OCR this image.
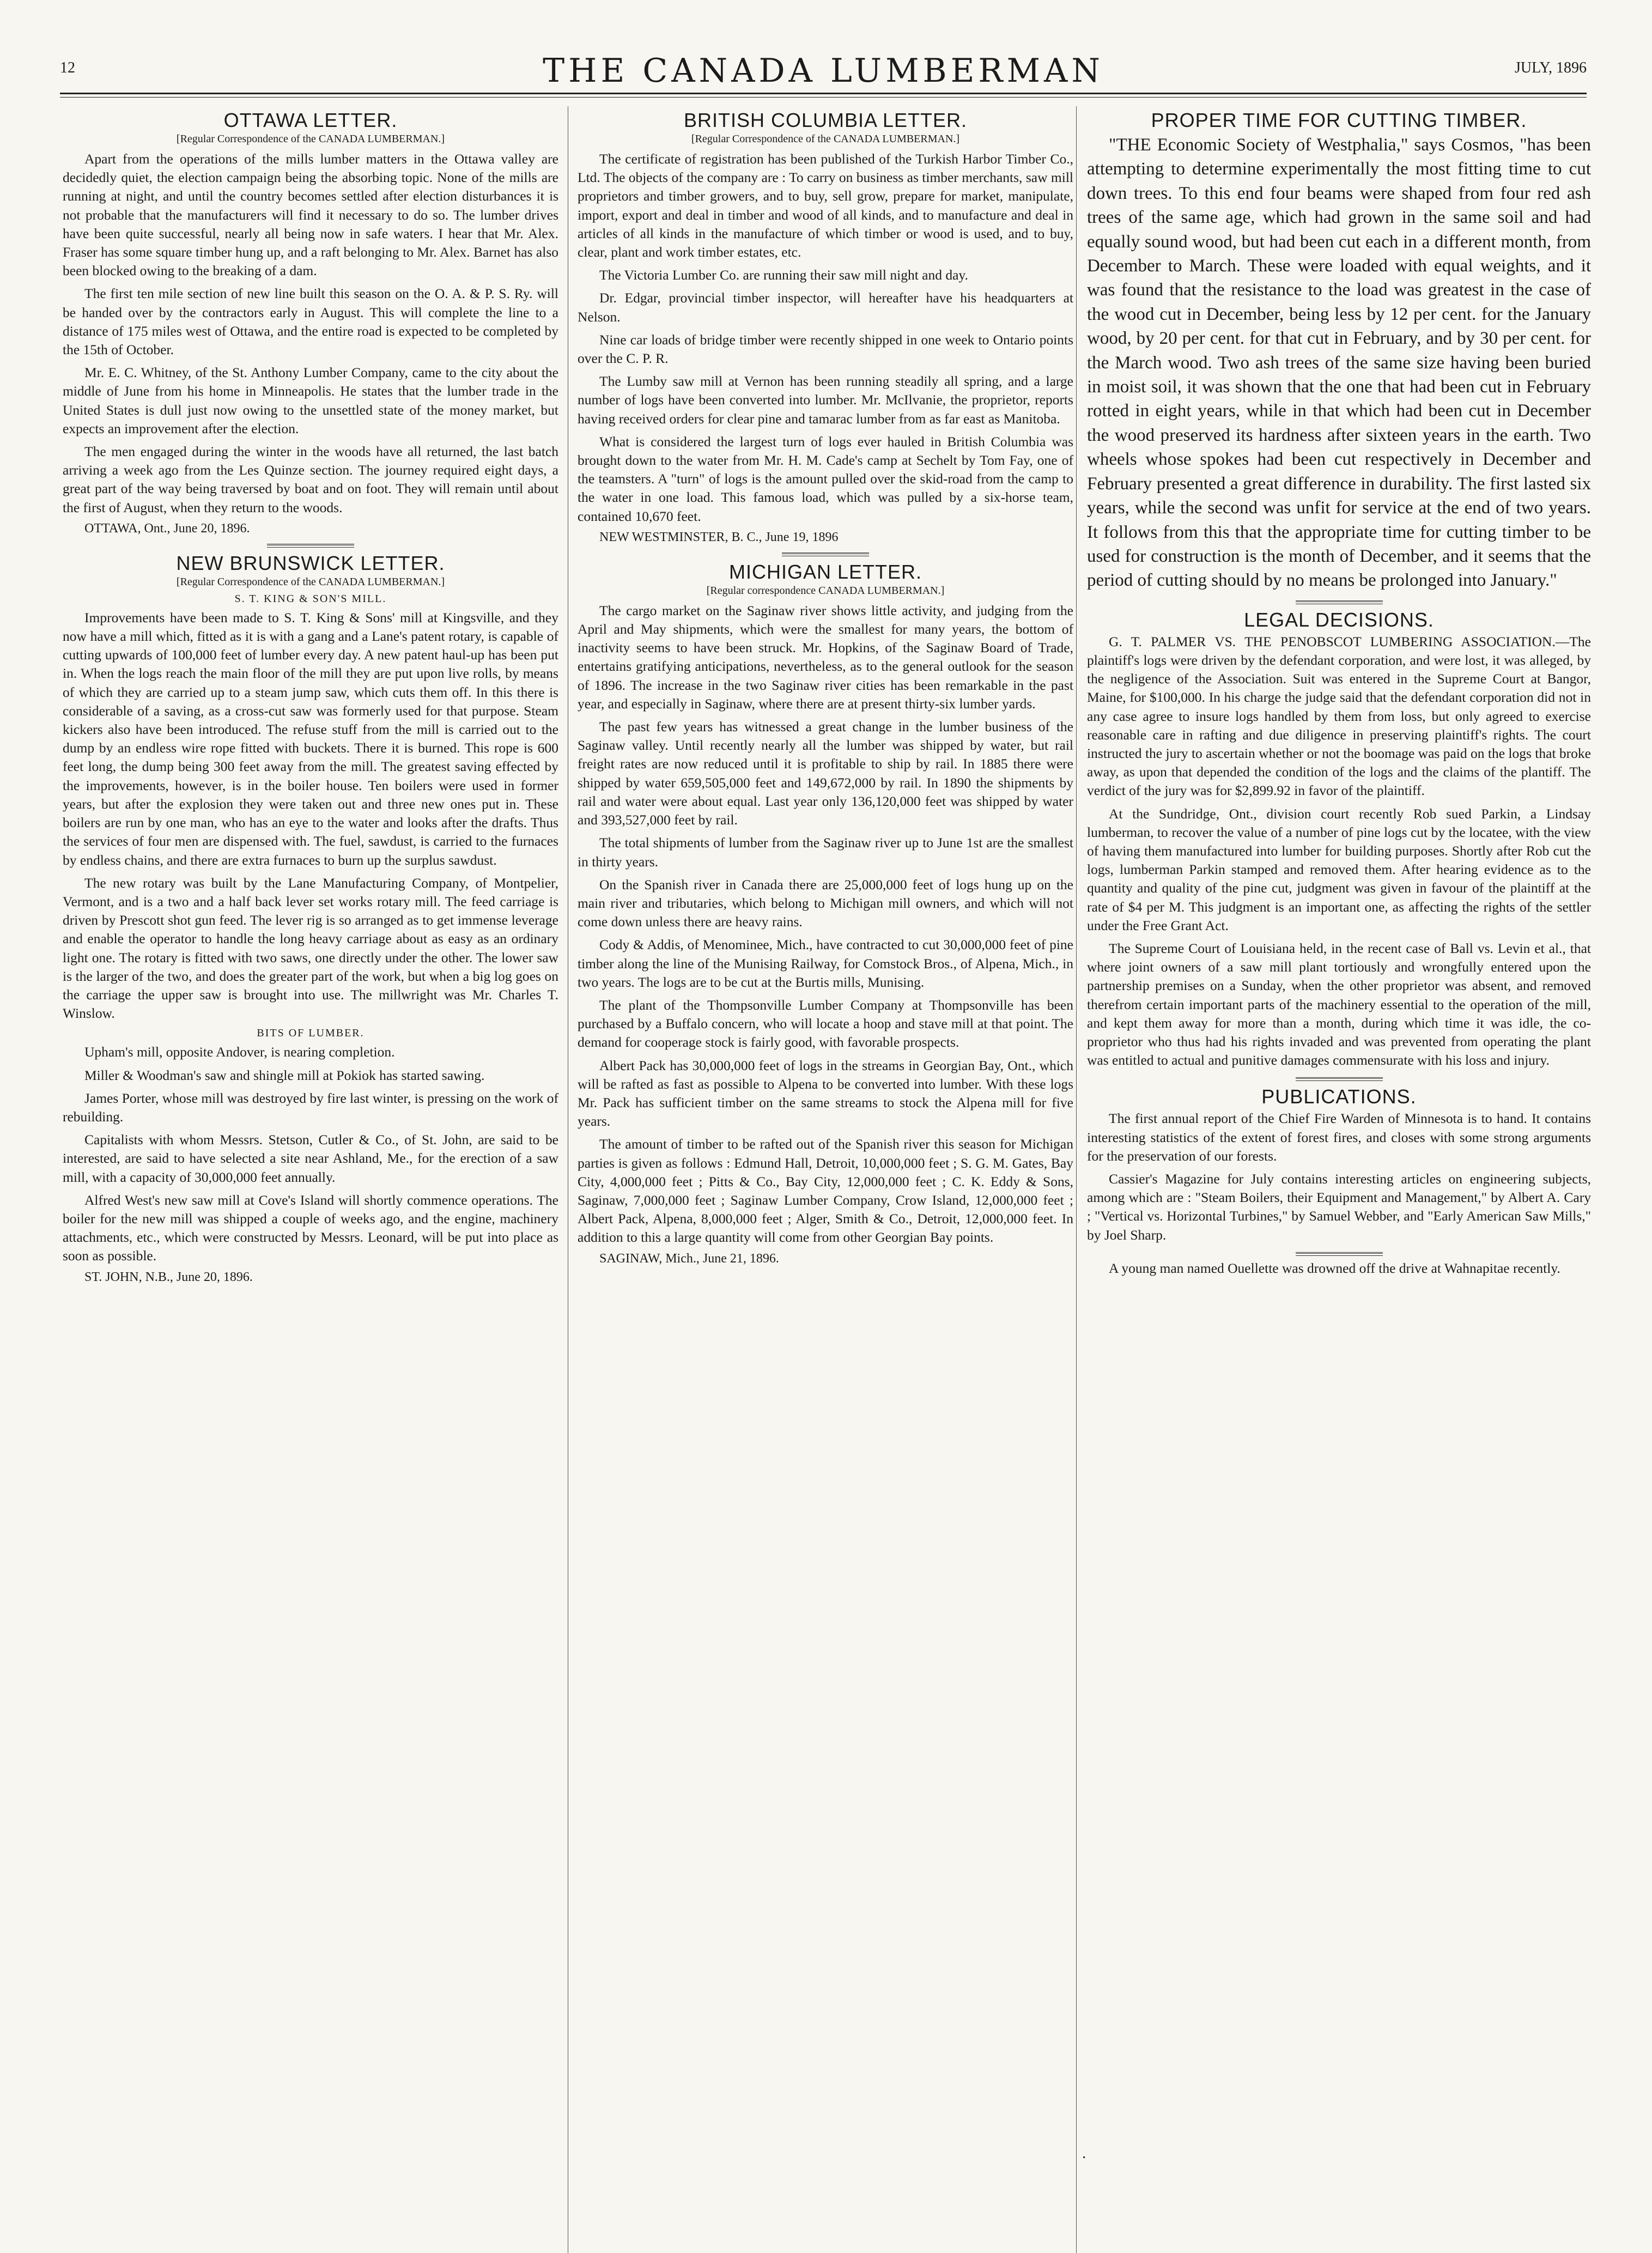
12	THE CANADA LUMBERMAN	JULY, 1896
OTTAWA LETTER.
[Regular Correspondence of the CANADA LUMBERMAN.]

Apart from the operations of the mills lumber matters in the Ottawa valley are decidedly quiet, the election campaign being the absorbing topic. None of the mills are running at night, and until the country becomes settled after election disturbances it is not probable that the manufacturers will find it necessary to do so. The lumber drives have been quite successful, nearly all being now in safe waters. I hear that Mr. Alex. Fraser has some square timber hung up, and a raft belonging to Mr. Alex. Barnet has also been blocked owing to the breaking of a dam.

The first ten mile section of new line built this season on the O. A. & P. S. Ry. will be handed over by the contractors early in August. This will complete the line to a distance of 175 miles west of Ottawa, and the entire road is expected to be completed by the 15th of October.

Mr. E. C. Whitney, of the St. Anthony Lumber Company, came to the city about the middle of June from his home in Minneapolis. He states that the lumber trade in the United States is dull just now owing to the unsettled state of the money market, but expects an improvement after the election.

The men engaged during the winter in the woods have all returned, the last batch arriving a week ago from the Les Quinze section. The journey required eight days, a great part of the way being traversed by boat and on foot. They will remain until about the first of August, when they return to the woods.

OTTAWA, Ont., June 20, 1896.
NEW BRUNSWICK LETTER.
[Regular Correspondence of the CANADA LUMBERMAN.]
S. T. KING & SON'S MILL.

Improvements have been made to S. T. King & Sons' mill at Kingsville, and they now have a mill which, fitted as it is with a gang and a Lane's patent rotary, is capable of cutting upwards of 100,000 feet of lumber every day. A new patent haul-up has been put in. When the logs reach the main floor of the mill they are put upon live rolls, by means of which they are carried up to a steam jump saw, which cuts them off. In this there is considerable of a saving, as a cross-cut saw was formerly used for that purpose. Steam kickers also have been introduced. The refuse stuff from the mill is carried out to the dump by an endless wire rope fitted with buckets. There it is burned. This rope is 600 feet long, the dump being 300 feet away from the mill. The greatest saving effected by the improvements, however, is in the boiler house. Ten boilers were used in former years, but after the explosion they were taken out and three new ones put in. These boilers are run by one man, who has an eye to the water and looks after the drafts. Thus the services of four men are dispensed with. The fuel, sawdust, is carried to the furnaces by endless chains, and there are extra furnaces to burn up the surplus sawdust.

The new rotary was built by the Lane Manufacturing Company, of Montpelier, Vermont, and is a two and a half back lever set works rotary mill. The feed carriage is driven by Prescott shot gun feed. The lever rig is so arranged as to get immense leverage and enable the operator to handle the long heavy carriage about as easy as an ordinary light one. The rotary is fitted with two saws, one directly under the other. The lower saw is the larger of the two, and does the greater part of the work, but when a big log goes on the carriage the upper saw is brought into use. The millwright was Mr. Charles T. Winslow.

BITS OF LUMBER.

Upham's mill, opposite Andover, is nearing completion.

Miller & Woodman's saw and shingle mill at Pokiok has started sawing.

James Porter, whose mill was destroyed by fire last winter, is pressing on the work of rebuilding.

Capitalists with whom Messrs. Stetson, Cutler & Co., of St. John, are said to be interested, are said to have selected a site near Ashland, Me., for the erection of a saw mill, with a capacity of 30,000,000 feet annually.

Alfred West's new saw mill at Cove's Island will shortly commence operations. The boiler for the new mill was shipped a couple of weeks ago, and the engine, machinery attachments, etc., which were constructed by Messrs. Leonard, will be put into place as soon as possible.

ST. JOHN, N.B., June 20, 1896.
BRITISH COLUMBIA LETTER.
[Regular Correspondence of the CANADA LUMBERMAN.]

The certificate of registration has been published of the Turkish Harbor Timber Co., Ltd. The objects of the company are : To carry on business as timber merchants, saw mill proprietors and timber growers, and to buy, sell grow, prepare for market, manipulate, import, export and deal in timber and wood of all kinds, and to manufacture and deal in articles of all kinds in the manufacture of which timber or wood is used, and to buy, clear, plant and work timber estates, etc.

The Victoria Lumber Co. are running their saw mill night and day.

Dr. Edgar, provincial timber inspector, will hereafter have his headquarters at Nelson.

Nine car loads of bridge timber were recently shipped in one week to Ontario points over the C. P. R.

The Lumby saw mill at Vernon has been running steadily all spring, and a large number of logs have been converted into lumber. Mr. McIlvanie, the proprietor, reports having received orders for clear pine and tamarac lumber from as far east as Manitoba.

What is considered the largest turn of logs ever hauled in British Columbia was brought down to the water from Mr. H. M. Cade's camp at Sechelt by Tom Fay, one of the teamsters. A "turn" of logs is the amount pulled over the skid-road from the camp to the water in one load. This famous load, which was pulled by a six-horse team, contained 10,670 feet.

NEW WESTMINSTER, B. C., June 19, 1896
MICHIGAN LETTER.
[Regular correspondence CANADA LUMBERMAN.]

The cargo market on the Saginaw river shows little activity, and judging from the April and May shipments, which were the smallest for many years, the bottom of inactivity seems to have been struck. Mr. Hopkins, of the Saginaw Board of Trade, entertains gratifying anticipations, nevertheless, as to the general outlook for the season of 1896. The increase in the two Saginaw river cities has been remarkable in the past year, and especially in Saginaw, where there are at present thirty-six lumber yards.

The past few years has witnessed a great change in the lumber business of the Saginaw valley. Until recently nearly all the lumber was shipped by water, but rail freight rates are now reduced until it is profitable to ship by rail. In 1885 there were shipped by water 659,505,000 feet and 149,672,000 by rail. In 1890 the shipments by rail and water were about equal. Last year only 136,120,000 feet was shipped by water and 393,527,000 feet by rail.

The total shipments of lumber from the Saginaw river up to June 1st are the smallest in thirty years.

On the Spanish river in Canada there are 25,000,000 feet of logs hung up on the main river and tributaries, which belong to Michigan mill owners, and which will not come down unless there are heavy rains.

Cody & Addis, of Menominee, Mich., have contracted to cut 30,000,000 feet of pine timber along the line of the Munising Railway, for Comstock Bros., of Alpena, Mich., in two years. The logs are to be cut at the Burtis mills, Munising.

The plant of the Thompsonville Lumber Company at Thompsonville has been purchased by a Buffalo concern, who will locate a hoop and stave mill at that point. The demand for cooperage stock is fairly good, with favorable prospects.

Albert Pack has 30,000,000 feet of logs in the streams in Georgian Bay, Ont., which will be rafted as fast as possible to Alpena to be converted into lumber. With these logs Mr. Pack has sufficient timber on the same streams to stock the Alpena mill for five years.

The amount of timber to be rafted out of the Spanish river this season for Michigan parties is given as follows : Edmund Hall, Detroit, 10,000,000 feet ; S. G. M. Gates, Bay City, 4,000,000 feet ; Pitts & Co., Bay City, 12,000,000 feet ; C. K. Eddy & Sons, Saginaw, 7,000,000 feet ; Saginaw Lumber Company, Crow Island, 12,000,000 feet ; Albert Pack, Alpena, 8,000,000 feet ; Alger, Smith & Co., Detroit, 12,000,000 feet. In addition to this a large quantity will come from other Georgian Bay points.

SAGINAW, Mich., June 21, 1896.
PROPER TIME FOR CUTTING TIMBER.

"THE Economic Society of Westphalia," says Cosmos, "has been attempting to determine experimentally the most fitting time to cut down trees. To this end four beams were shaped from four red ash trees of the same age, which had grown in the same soil and had equally sound wood, but had been cut each in a different month, from December to March. These were loaded with equal weights, and it was found that the resistance to the load was greatest in the case of the wood cut in December, being less by 12 per cent. for the January wood, by 20 per cent. for that cut in February, and by 30 per cent. for the March wood. Two ash trees of the same size having been buried in moist soil, it was shown that the one that had been cut in February rotted in eight years, while in that which had been cut in December the wood preserved its hardness after sixteen years in the earth. Two wheels whose spokes had been cut respectively in December and February presented a great difference in durability. The first lasted six years, while the second was unfit for service at the end of two years. It follows from this that the appropriate time for cutting timber to be used for construction is the month of December, and it seems that the period of cutting should by no means be prolonged into January."

LEGAL DECISIONS.

G. T. PALMER VS. THE PENOBSCOT LUMBERING ASSOCIATION.—The plaintiff's logs were driven by the defendant corporation, and were lost, it was alleged, by the negligence of the Association. Suit was entered in the Supreme Court at Bangor, Maine, for $100,000. In his charge the judge said that the defendant corporation did not in any case agree to insure logs handled by them from loss, but only agreed to exercise reasonable care in rafting and due diligence in preserving plaintiff's rights. The court instructed the jury to ascertain whether or not the boomage was paid on the logs that broke away, as upon that depended the condition of the logs and the claims of the plantiff. The verdict of the jury was for $2,899.92 in favor of the plaintiff.

At the Sundridge, Ont., division court recently Rob sued Parkin, a Lindsay lumberman, to recover the value of a number of pine logs cut by the locatee, with the view of having them manufactured into lumber for building purposes. Shortly after Rob cut the logs, lumberman Parkin stamped and removed them. After hearing evidence as to the quantity and quality of the pine cut, judgment was given in favour of the plaintiff at the rate of $4 per M. This judgment is an important one, as affecting the rights of the settler under the Free Grant Act.

The Supreme Court of Louisiana held, in the recent case of Ball vs. Levin et al., that where joint owners of a saw mill plant tortiously and wrongfully entered upon the partnership premises on a Sunday, when the other proprietor was absent, and removed therefrom certain important parts of the machinery essential to the operation of the mill, and kept them away for more than a month, during which time it was idle, the co-proprietor who thus had his rights invaded and was prevented from operating the plant was entitled to actual and punitive damages commensurate with his loss and injury.

PUBLICATIONS.

The first annual report of the Chief Fire Warden of Minnesota is to hand. It contains interesting statistics of the extent of forest fires, and closes with some strong arguments for the preservation of our forests.

Cassier's Magazine for July contains interesting articles on engineering subjects, among which are : "Steam Boilers, their Equipment and Management," by Albert A. Cary ; "Vertical vs. Horizontal Turbines," by Samuel Webber, and "Early American Saw Mills," by Joel Sharp.

A young man named Ouellette was drowned off the drive at Wahnapitae recently.

·
